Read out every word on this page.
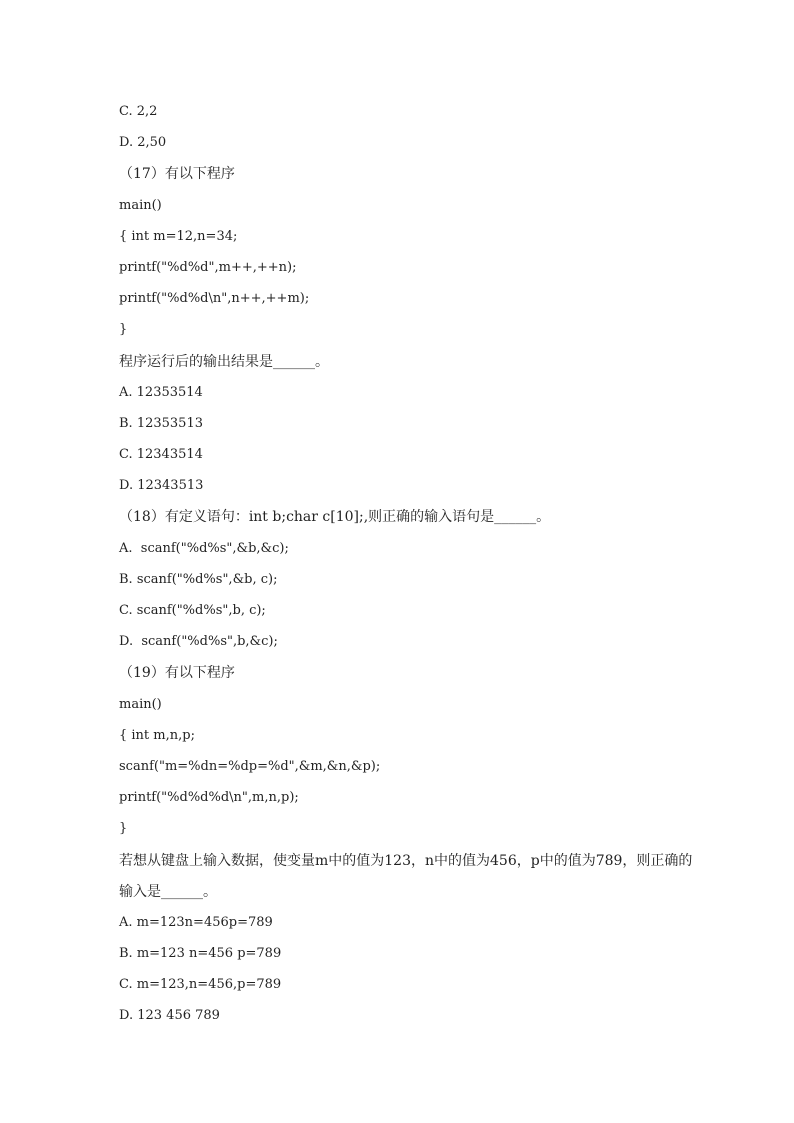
C. 2,2
D. 2,50
（17）有以下程序
main()
{ int m=12,n=34;
printf("%d%d",m++,++n);
printf("%d%d\n",n++,++m);
}
程序运行后的输出结果是______。
A. 12353514
B. 12353513
C. 12343514
D. 12343513
（18）有定义语句：int b;char c[10];,则正确的输入语句是______。
A.  scanf("%d%s",&b,&c);
B. scanf("%d%s",&b, c);
C. scanf("%d%s",b, c);
D.  scanf("%d%s",b,&c);
（19）有以下程序
main()
{ int m,n,p;
scanf("m=%dn=%dp=%d",&m,&n,&p);
printf("%d%d%d\n",m,n,p);
}
若想从键盘上输入数据，使变量m中的值为123，n中的值为456，p中的值为789，则正确的
输入是______。
A. m=123n=456p=789
B. m=123 n=456 p=789
C. m=123,n=456,p=789
D. 123 456 789
